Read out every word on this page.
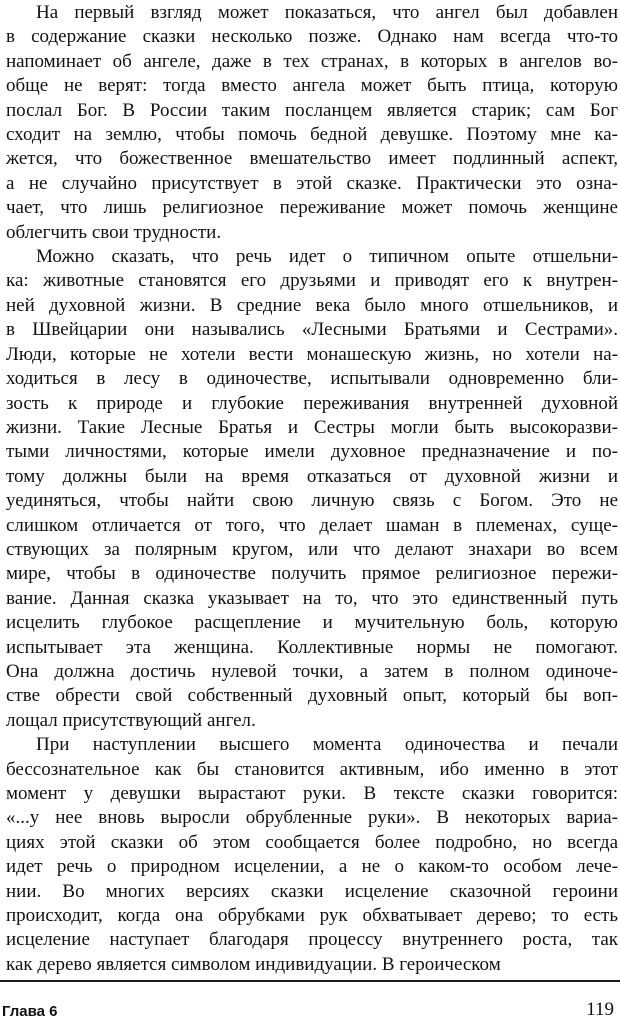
На первый взгляд может показаться, что ангел был добавлен
в содержание сказки несколько позже. Однако нам всегда что-то
напоминает об ангеле, даже в тех странах, в которых в ангелов во-
обще не верят: тогда вместо ангела может быть птица, которую
послал Бог. В России таким посланцем является старик; сам Бог
сходит на землю, чтобы помочь бедной девушке. Поэтому мне ка-
жется, что божественное вмешательство имеет подлинный аспект,
а не случайно присутствует в этой сказке. Практически это озна-
чает, что лишь религиозное переживание может помочь женщине
облегчить свои трудности.

Можно сказать, что речь идет о типичном опыте отшельни-
ка: животные становятся его друзьями и приводят его к внутрен-
ней духовной жизни. В средние века было много отшельников, и
в Швейцарии они назывались «Лесными Братьями и Сестрами».
Люди, которые не хотели вести монашескую жизнь, но хотели на-
ходиться в лесу в одиночестве, испытывали одновременно бли-
зость к природе и глубокие переживания внутренней духовной
жизни. Такие Лесные Братья и Сестры могли быть высокоразви-
тыми личностями, которые имели духовное предназначение и по-
тому должны были на время отказаться от духовной жизни и
уединяться, чтобы найти свою личную связь с Богом. Это не
слишком отличается от того, что делает шаман в племенах, суще-
ствующих за полярным кругом, или что делают знахари во всем
мире, чтобы в одиночестве получить прямое религиозное пережи-
вание. Данная сказка указывает на то, что это единственный путь
исцелить глубокое расщепление и мучительную боль, которую
испытывает эта женщина. Коллективные нормы не помогают.
Она должна достичь нулевой точки, а затем в полном одиноче-
стве обрести свой собственный духовный опыт, который бы воп-
лощал присутствующий ангел.

При наступлении высшего момента одиночества и печали
бессознательное как бы становится активным, ибо именно в этот
момент у девушки вырастают руки. В тексте сказки говорится:
«...у нее вновь выросли обрубленные руки». В некоторых вариа-
циях этой сказки об этом сообщается более подробно, но всегда
идет речь о природном исцелении, а не о каком-то особом лече-
нии. Во многих версиях сказки исцеление сказочной героини
происходит, когда она обрубками рук обхватывает дерево; то есть
исцеление наступает благодаря процессу внутреннего роста, так
как дерево является символом индивидуации. В героическом

Глава 6	119
